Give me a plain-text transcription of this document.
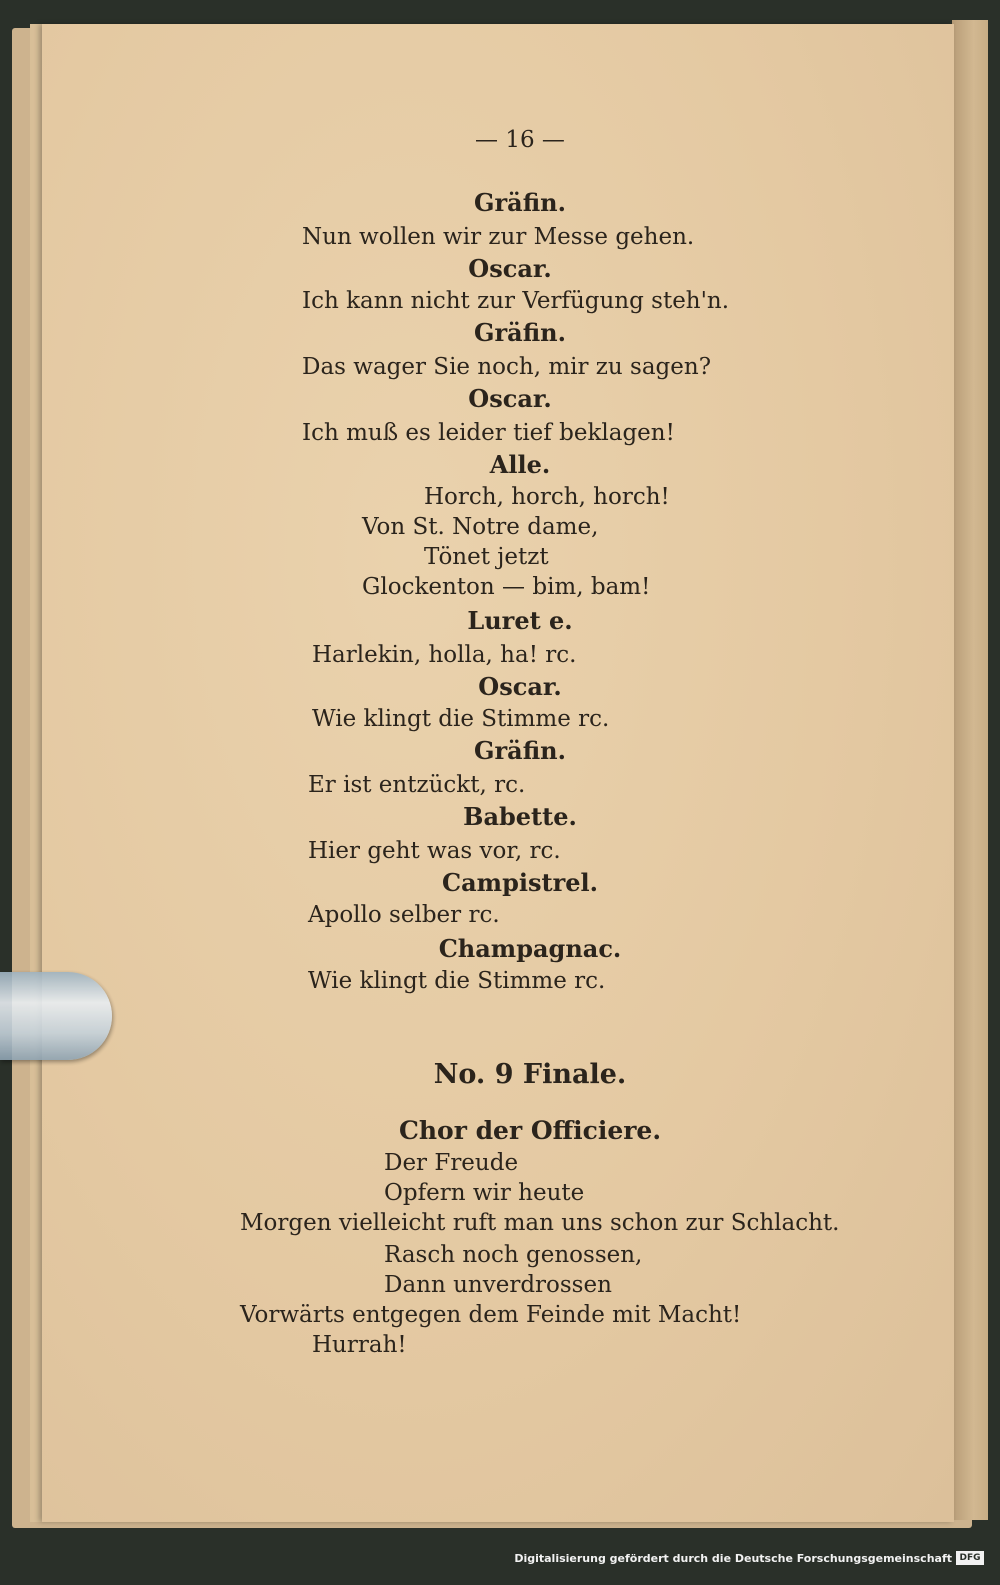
— 16 —
Gräfin.
Nun wollen wir zur Messe gehen.
Oscar.
Ich kann nicht zur Verfügung steh'n.
Gräfin.
Das wager Sie noch, mir zu sagen?
Oscar.
Ich muß es leider tief beklagen!
Alle.
Horch, horch, horch!
Von St. Notre dame,
Tönet jetzt
Glockenton — bim, bam!
Luret e.
Harlekin, holla, ha! rc.
Oscar.
Wie klingt die Stimme rc.
Gräfin.
Er ist entzückt, rc.
Babette.
Hier geht was vor, rc.
Campistrel.
Apollo selber rc.
Champagnac.
Wie klingt die Stimme rc.
No. 9 Finale.
Chor der Officiere.
Der Freude
Opfern wir heute
Morgen vielleicht ruft man uns schon zur Schlacht.
Rasch noch genossen,
Dann unverdrossen
Vorwärts entgegen dem Feinde mit Macht!
Hurrah!
Digitalisierung gefördert durch die Deutsche Forschungsgemeinschaft DFG
